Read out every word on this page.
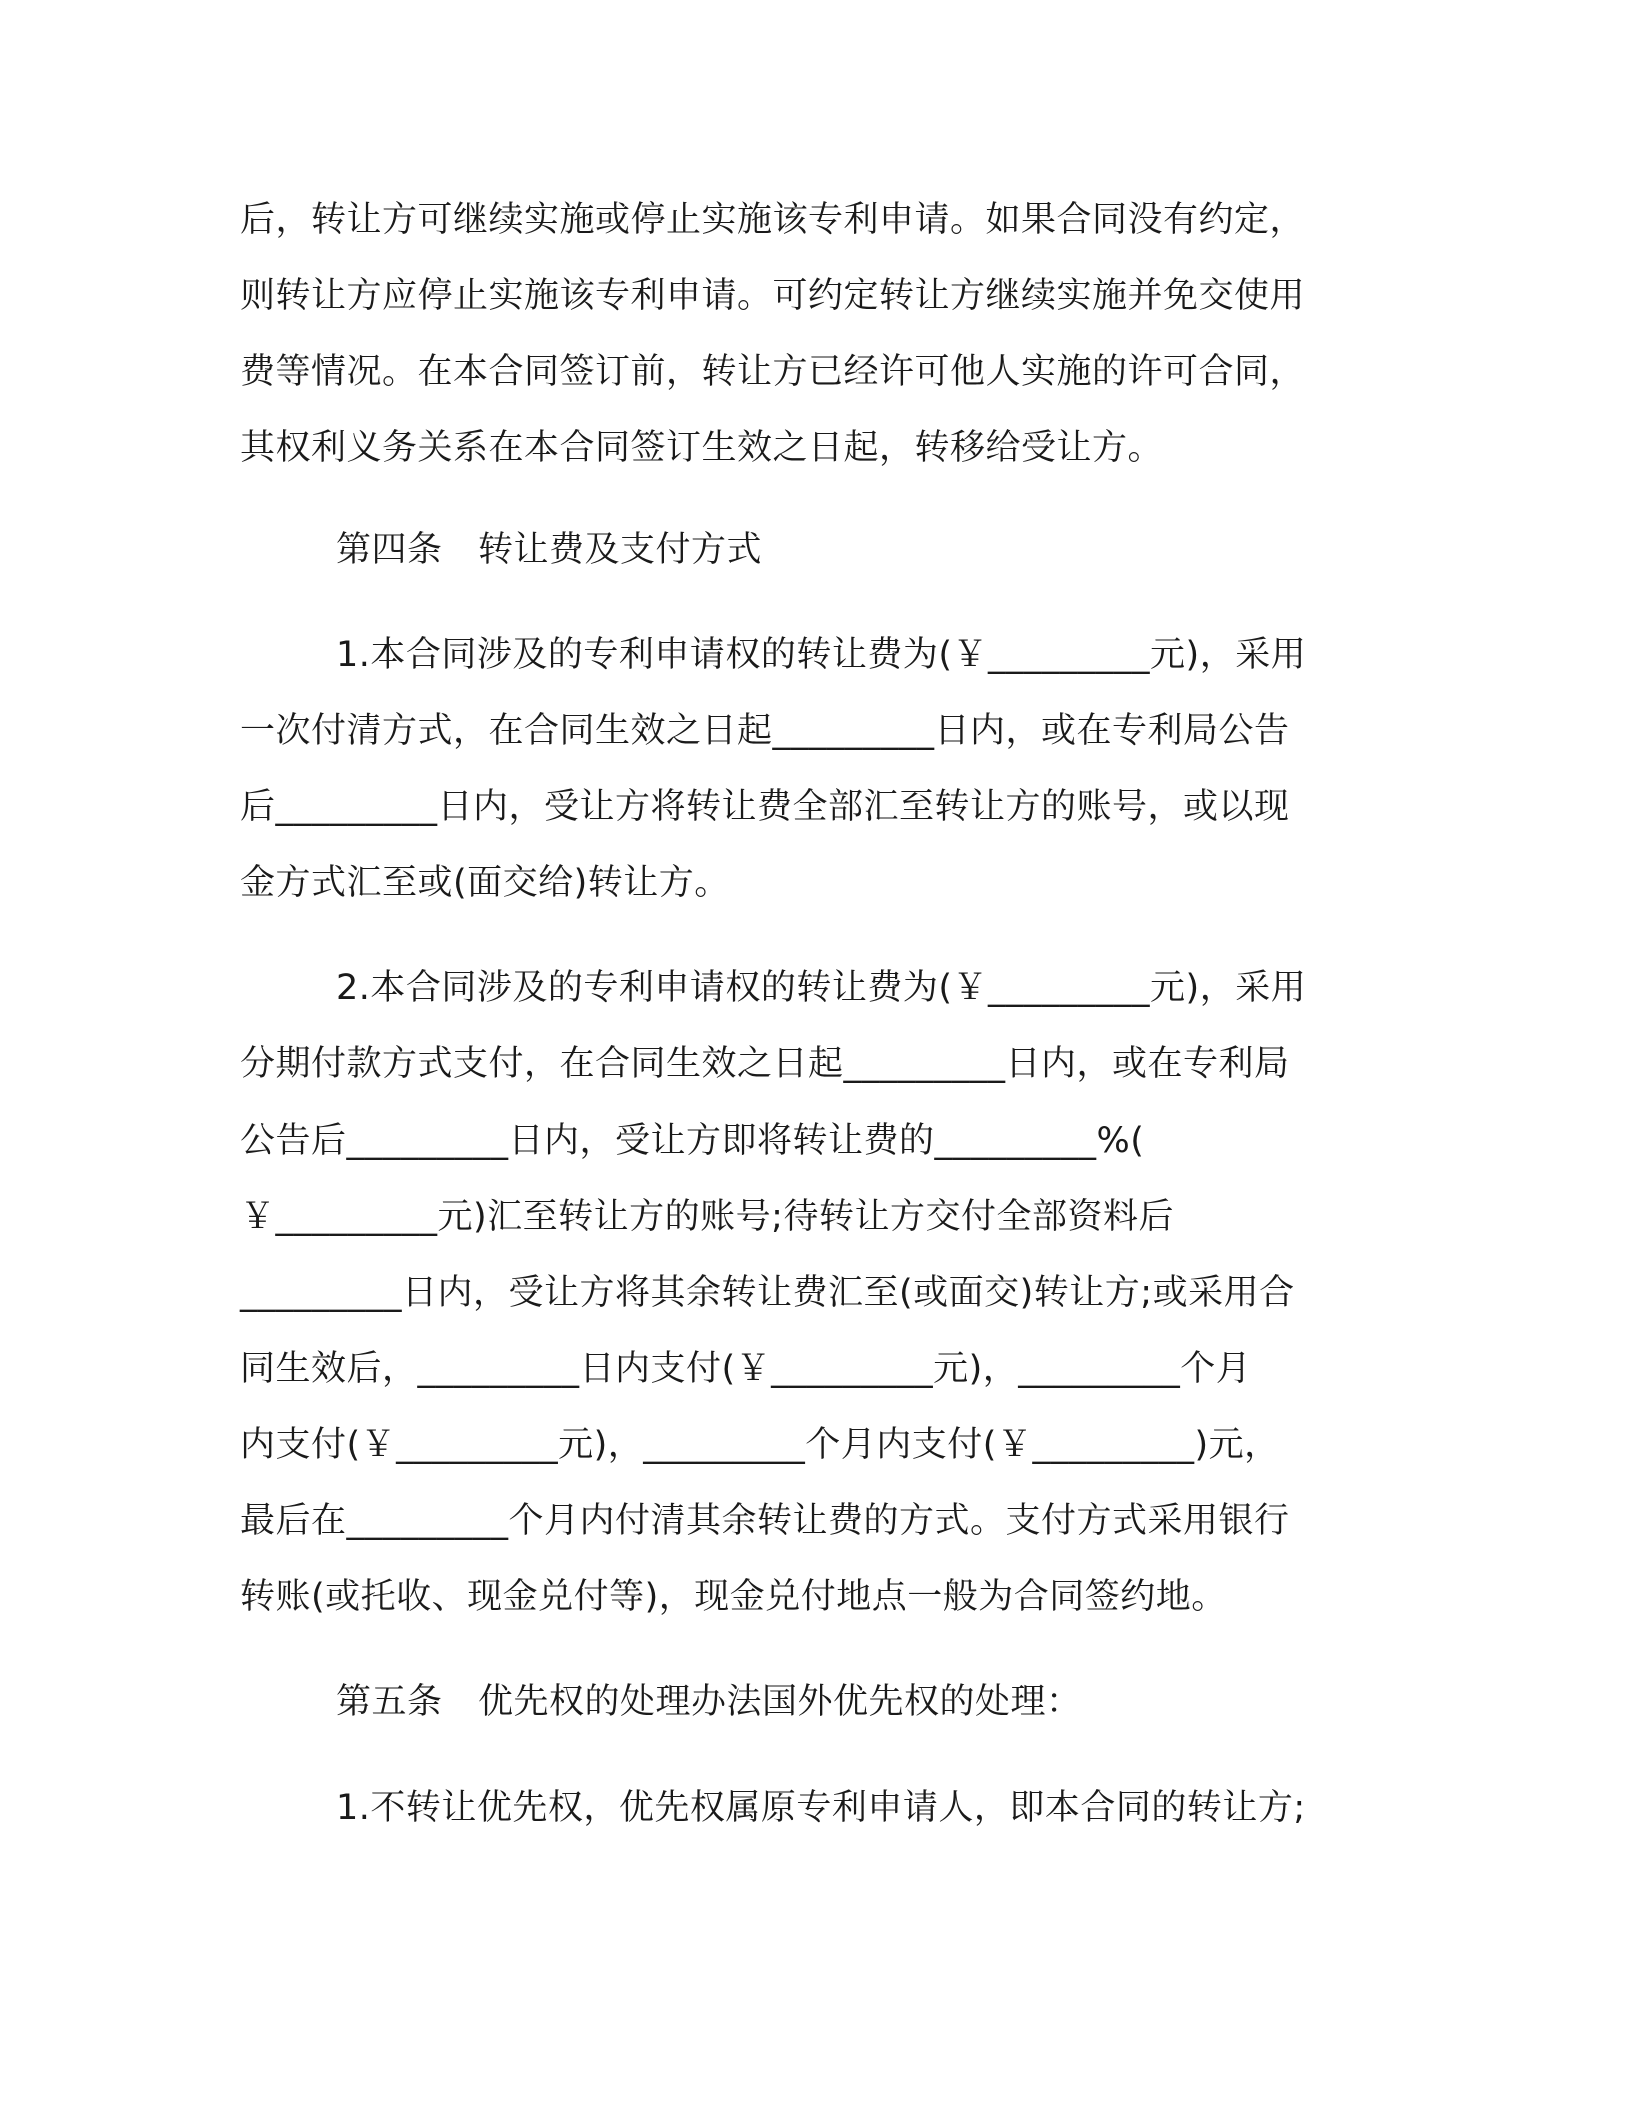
后，转让方可继续实施或停止实施该专利申请。如果合同没有约定，
则转让方应停止实施该专利申请。可约定转让方继续实施并免交使用
费等情况。在本合同签订前，转让方已经许可他人实施的许可合同，
其权利义务关系在本合同签订生效之日起，转移给受让方。
第四条　转让费及支付方式
1.本合同涉及的专利申请权的转让费为(￥_________元)，采用
一次付清方式，在合同生效之日起_________日内，或在专利局公告
后_________日内，受让方将转让费全部汇至转让方的账号，或以现
金方式汇至或(面交给)转让方。
2.本合同涉及的专利申请权的转让费为(￥_________元)，采用
分期付款方式支付，在合同生效之日起_________日内，或在专利局
公告后_________日内，受让方即将转让费的_________%(
￥_________元)汇至转让方的账号;待转让方交付全部资料后
_________日内，受让方将其余转让费汇至(或面交)转让方;或采用合
同生效后，_________日内支付(￥_________元)，_________个月
内支付(￥_________元)，_________个月内支付(￥_________)元，
最后在_________个月内付清其余转让费的方式。支付方式采用银行
转账(或托收、现金兑付等)，现金兑付地点一般为合同签约地。
第五条　优先权的处理办法国外优先权的处理：
1.不转让优先权，优先权属原专利申请人，即本合同的转让方;
